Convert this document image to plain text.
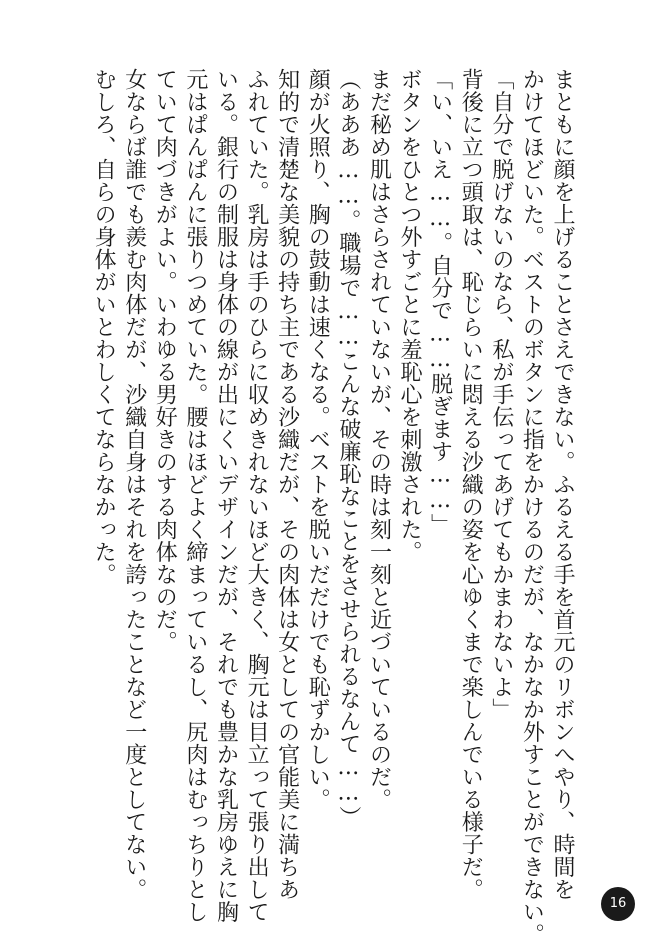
まともに顔を上げることさえできない。ふるえる手を首元のリボンへやり、時間を
かけてほどいた。ベストのボタンに指をかけるのだが、なかなか外すことができない。
「自分で脱げないのなら、私が手伝ってあげてもかまわないよ」
背後に立つ頭取は、恥じらいに悶える沙織の姿を心ゆくまで楽しんでいる様子だ。
「い、いえ……。自分で……脱ぎます……」
ボタンをひとつ外すごとに羞恥心を刺激された。
まだ秘め肌はさらされていないが、その時は刻一刻と近づいているのだ。
（あああ……。職場で……こんな破廉恥なことをさせられるなんて……）
顔が火照り、胸の鼓動は速くなる。ベストを脱いだだけでも恥ずかしい。
知的で清楚な美貌の持ち主である沙織だが、その肉体は女としての官能美に満ちあ
ふれていた。乳房は手のひらに収めきれないほど大きく、胸元は目立って張り出して
いる。銀行の制服は身体の線が出にくいデザインだが、それでも豊かな乳房ゆえに胸
元はぱんぱんに張りつめていた。腰はほどよく締まっているし、尻肉はむっちりとし
ていて肉づきがよい。いわゆる男好きのする肉体なのだ。
女ならば誰でも羨む肉体だが、沙織自身はそれを誇ったことなど一度としてない。
むしろ、自らの身体がいとわしくてならなかった。
16
